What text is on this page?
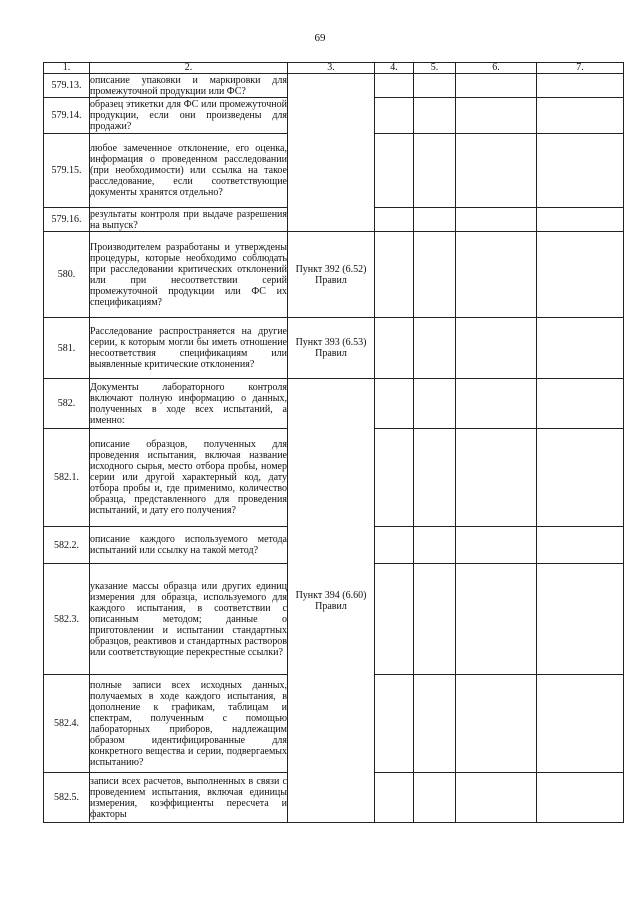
69
1.	2.	3.	4.	5.	6.	7.
579.13.	описание упаковки и маркировки для промежуточной продукции или ФС?					
579.14.	образец этикетки для ФС или промежуточной продукции, если они произведены для продажи?					
579.15.	любое замеченное отклонение, его оценка, информация о проведенном расследовании (при необходимости) или ссылка на такое расследование, если соответствующие документы хранятся отдельно?					
579.16.	результаты контроля при выдаче разрешения на выпуск?					
580.	Производителем разработаны и утверждены процедуры, которые необходимо соблюдать при расследовании критических отклонений или при несоответствии серий промежуточной продукции или ФС их спецификациям?	Пункт 392 (6.52) Правил				
581.	Расследование распространяется на другие серии, к которым могли бы иметь отношение несоответствия спецификациям или выявленные критические отклонения?	Пункт 393 (6.53) Правил				
582.	Документы лабораторного контроля включают полную информацию о данных, полученных в ходе всех испытаний, а именно:	Пункт 394 (6.60) Правил				
582.1.	описание образцов, полученных для проведения испытания, включая название исходного сырья, место отбора пробы, номер серии или другой характерный код, дату отбора пробы и, где применимо, количество образца, представленного для проведения испытаний, и дату его получения?					
582.2.	описание каждого используемого метода испытаний или ссылку на такой метод?					
582.3.	указание массы образца или других единиц измерения для образца, используемого для каждого испытания, в соответствии с описанным методом; данные о приготовлении и испытании стандартных образцов, реактивов и стандартных растворов или соответствующие перекрестные ссылки?					
582.4.	полные записи всех исходных данных, получаемых в ходе каждого испытания, в дополнение к графикам, таблицам и спектрам, полученным с помощью лабораторных приборов, надлежащим образом идентифицированные для конкретного вещества и серии, подвергаемых испытанию?					
582.5.	записи всех расчетов, выполненных в связи с проведением испытания, включая единицы измерения, коэффициенты пересчета и факторы					
